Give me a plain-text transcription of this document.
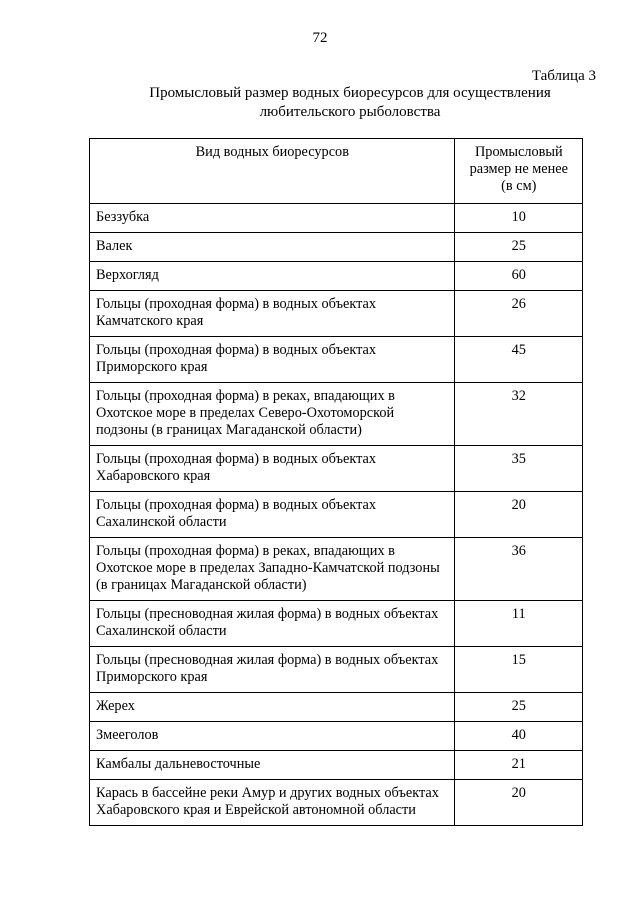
72
Таблица 3
Промысловый размер водных биоресурсов для осуществления
любительского рыболовства
Вид водных биоресурсов	Промысловый
размер не менее
(в см)

Беззубка	10

Валек	25

Верхогляд	60

Гольцы (проходная форма) в водных объектах
Камчатского края	26

Гольцы (проходная форма) в водных объектах
Приморского края	45

Гольцы (проходная форма) в реках, впадающих в
Охотское море в пределах Северо-Охотоморской
подзоны (в границах Магаданской области)	32

Гольцы (проходная форма) в водных объектах
Хабаровского края	35

Гольцы (проходная форма) в водных объектах
Сахалинской области	20

Гольцы (проходная форма) в реках, впадающих в
Охотское море в пределах Западно-Камчатской подзоны
(в границах Магаданской области)	36

Гольцы (пресноводная жилая форма) в водных объектах
Сахалинской области	11

Гольцы (пресноводная жилая форма) в водных объектах
Приморского края	15

Жерех	25

Змееголов	40

Камбалы дальневосточные	21

Карась в бассейне реки Амур и других водных объектах
Хабаровского края и Еврейской автономной области	20
